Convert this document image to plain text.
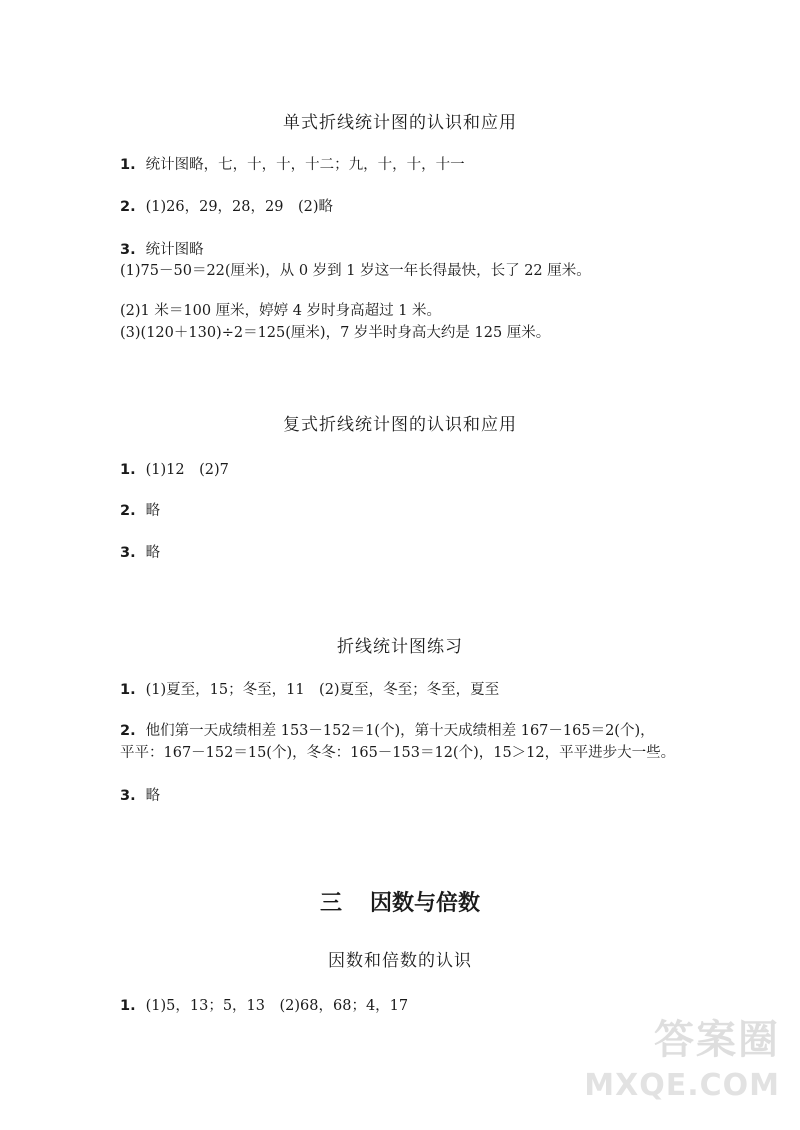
单式折线统计图的认识和应用
1. 统计图略，七，十，十，十二；九，十，十，十一
2. (1)26，29，28，29　(2)略
3. 统计图略
(1)75－50＝22(厘米)，从 0 岁到 1 岁这一年长得最快，长了 22 厘米。
(2)1 米＝100 厘米，婷婷 4 岁时身高超过 1 米。
(3)(120＋130)÷2＝125(厘米)，7 岁半时身高大约是 125 厘米。
复式折线统计图的认识和应用
1. (1)12　(2)7
2. 略
3. 略
折线统计图练习
1. (1)夏至，15；冬至，11　(2)夏至，冬至；冬至，夏至
2. 他们第一天成绩相差 153－152＝1(个)，第十天成绩相差 167－165＝2(个)，
平平：167－152＝15(个)，冬冬：165－153＝12(个)，15＞12，平平进步大一些。
3. 略
三 因数与倍数
因数和倍数的认识
1. (1)5，13；5，13　(2)68，68；4，17
答案圈
MXQE.COM
